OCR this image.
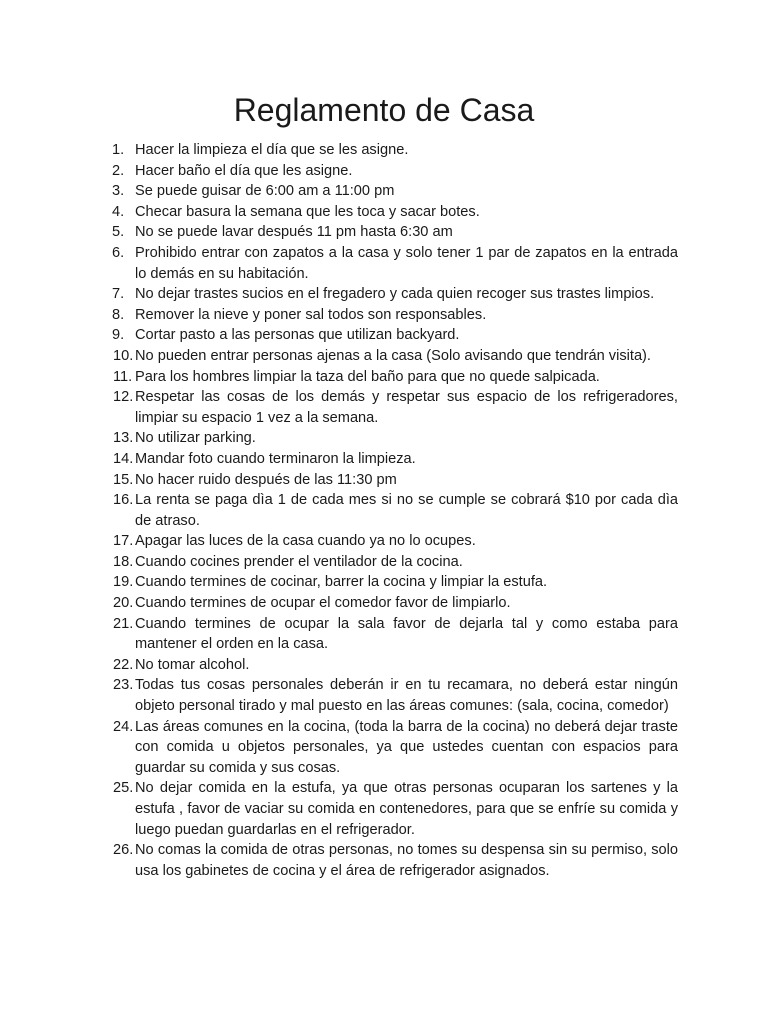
Reglamento de Casa
1. Hacer la limpieza el día que se les asigne.
2. Hacer baño el día que les asigne.
3. Se puede guisar de 6:00 am a 11:00 pm
4. Checar basura la semana que les toca y sacar botes.
5. No se puede lavar después 11 pm hasta 6:30 am
6. Prohibido entrar con zapatos a la casa y solo tener 1 par de zapatos en la entrada lo demás en su habitación.
7. No dejar trastes sucios en el fregadero y cada quien recoger sus trastes limpios.
8. Remover la nieve y poner sal todos son responsables.
9. Cortar pasto a las personas que utilizan backyard.
10. No pueden entrar personas ajenas a la casa (Solo avisando que tendrán visita).
11. Para los hombres limpiar la taza del baño para que no quede salpicada.
12. Respetar las cosas de los demás y respetar sus espacio de los refrigeradores, limpiar su espacio 1 vez a la semana.
13. No utilizar parking.
14. Mandar foto cuando terminaron la limpieza.
15. No hacer ruido después de las 11:30 pm
16. La renta se paga dìa 1 de cada mes si no se cumple se cobrará $10 por cada dìa de atraso.
17. Apagar las luces de la casa cuando ya no lo ocupes.
18. Cuando cocines prender el ventilador de la cocina.
19. Cuando termines de cocinar, barrer la cocina y limpiar la estufa.
20. Cuando termines de ocupar el comedor favor de limpiarlo.
21. Cuando termines de ocupar la sala favor de dejarla tal y como estaba para mantener el orden en la casa.
22. No tomar alcohol.
23. Todas tus cosas personales deberán ir en tu recamara, no deberá estar ningún objeto personal tirado y mal puesto en las áreas comunes: (sala, cocina, comedor)
24. Las áreas comunes en la cocina, (toda la barra de la cocina) no deberá dejar traste con comida u objetos personales, ya que ustedes cuentan con espacios para guardar su comida y sus cosas.
25. No dejar comida en la estufa, ya que otras personas ocuparan los sartenes y la estufa , favor de vaciar su comida en contenedores, para que se enfríe su comida y luego puedan guardarlas en el refrigerador.
26. No comas la comida de otras personas, no tomes su despensa sin su permiso, solo usa los gabinetes de cocina y el área de refrigerador asignados.
